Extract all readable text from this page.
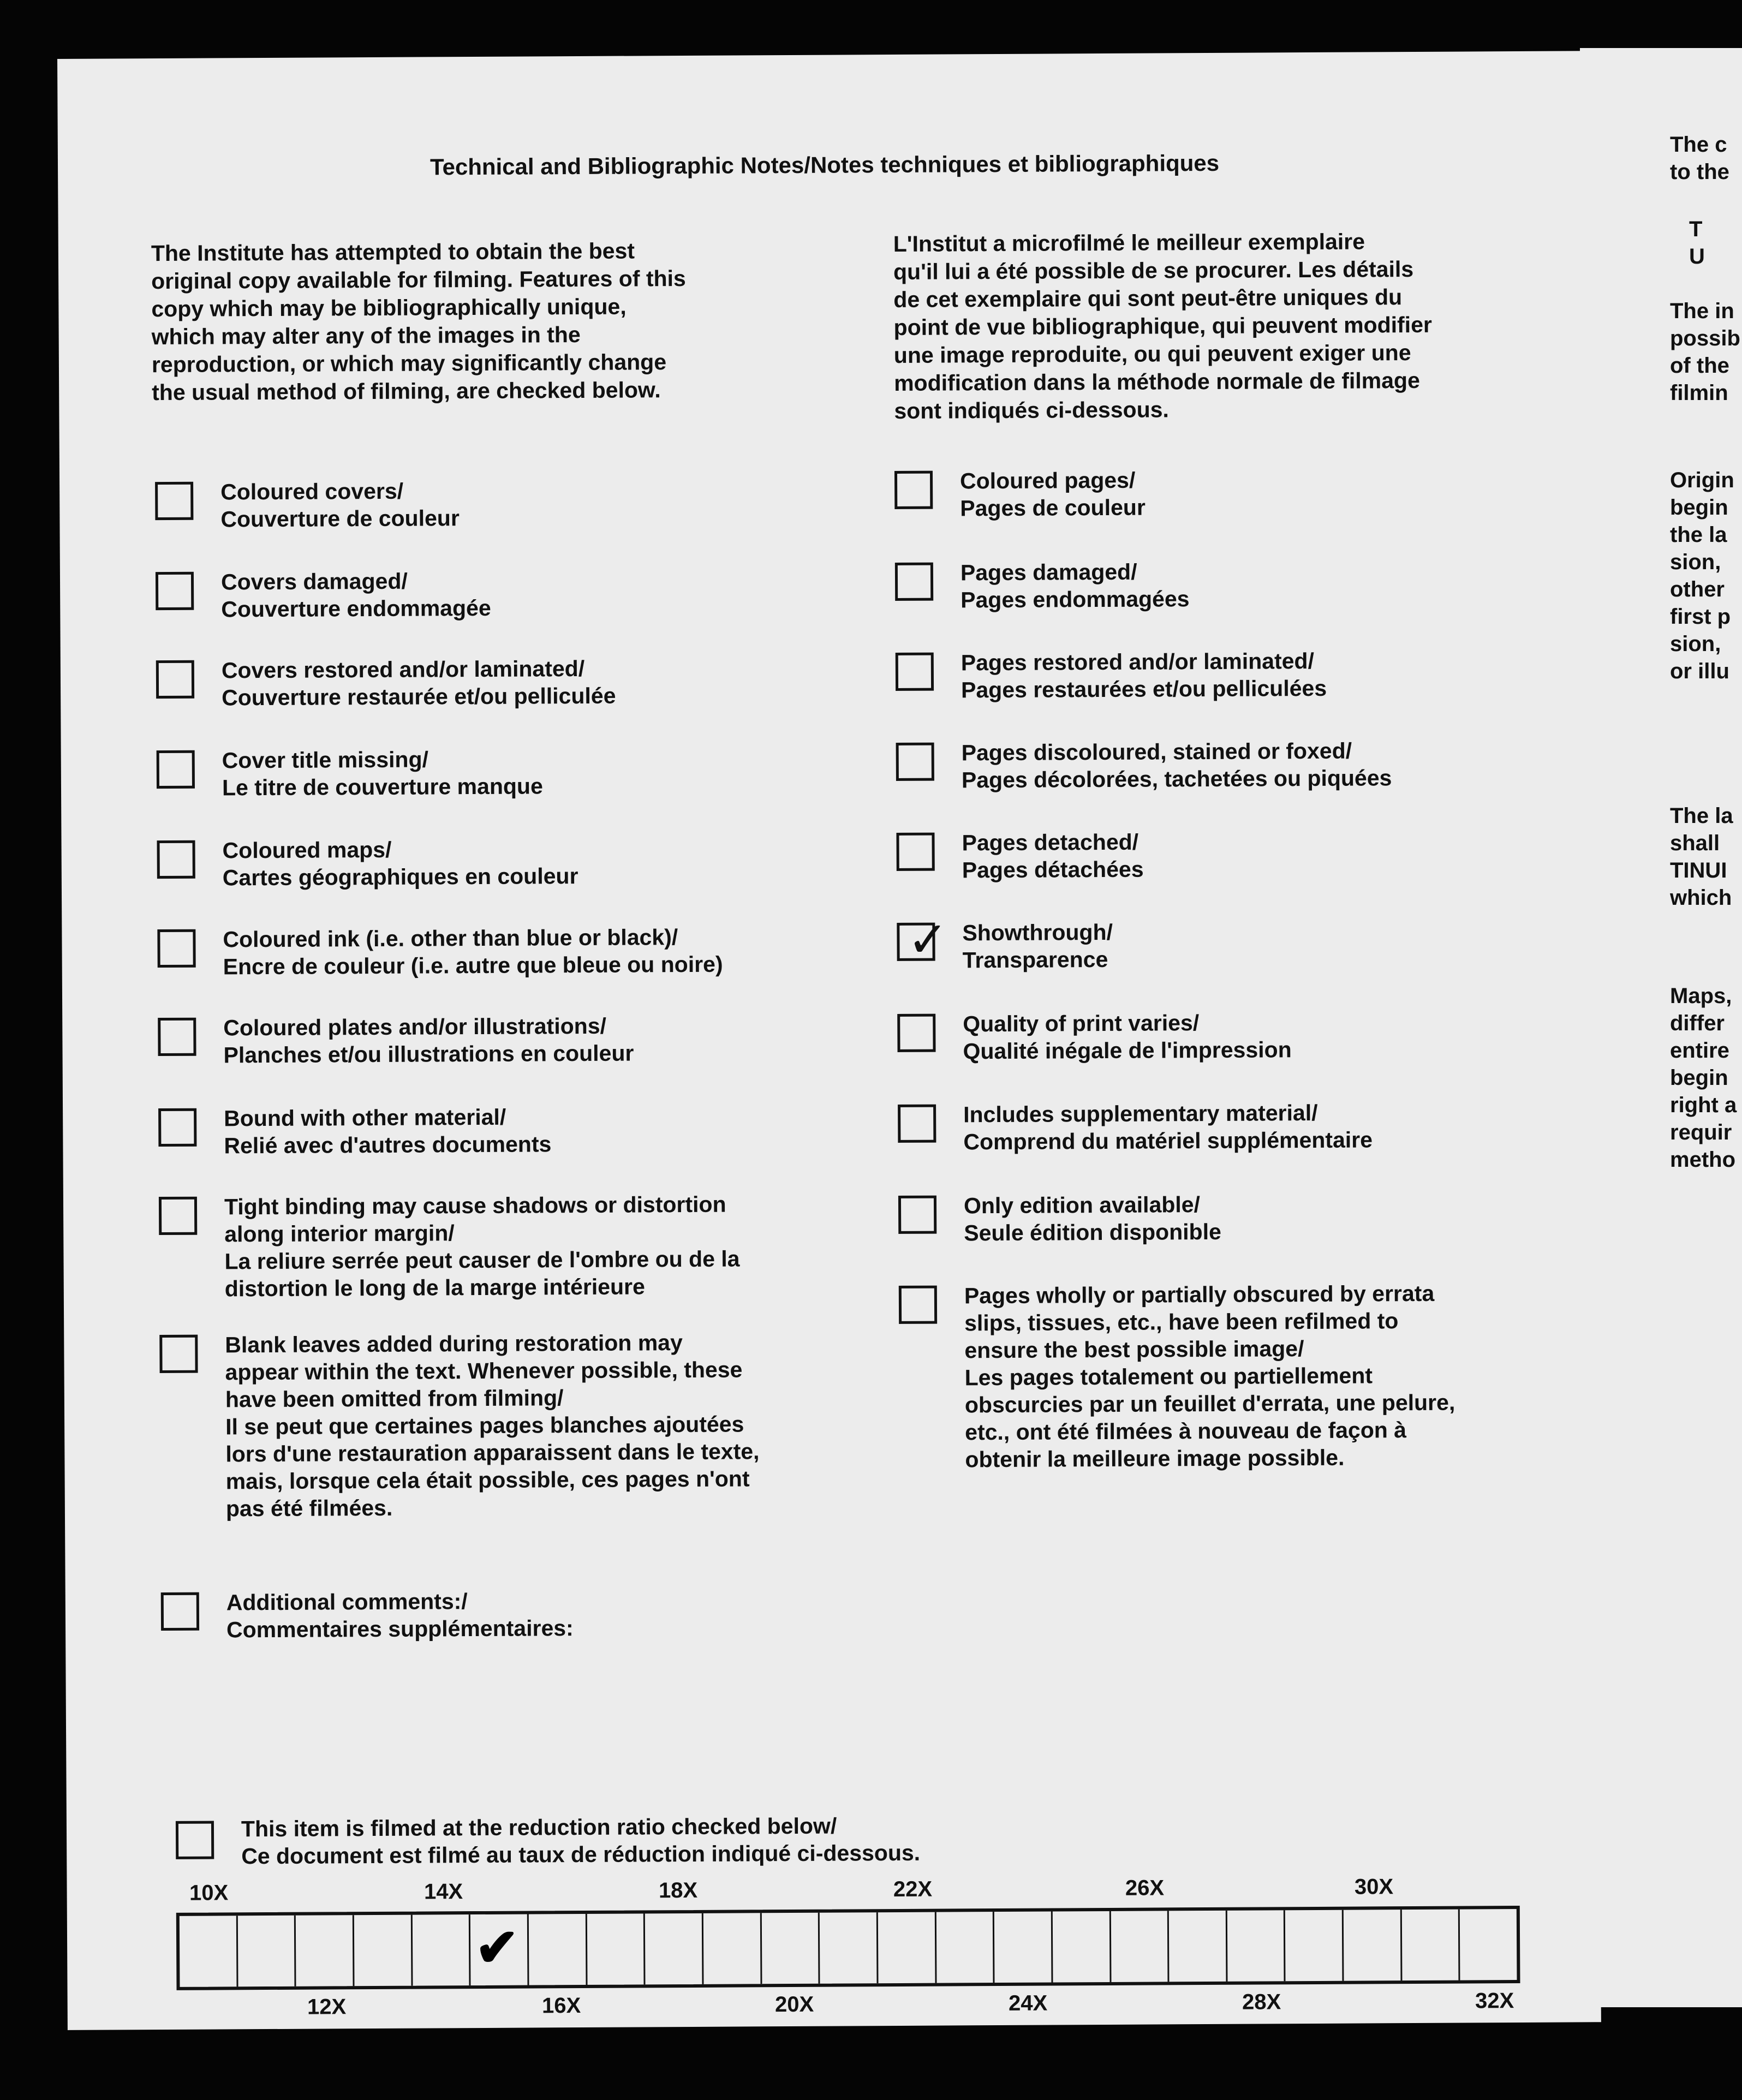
Technical and Bibliographic Notes/Notes techniques et bibliographiques
The Institute has attempted to obtain the best
original copy available for filming. Features of this
copy which may be bibliographically unique,
which may alter any of the images in the
reproduction, or which may significantly change
the usual method of filming, are checked below.
L'Institut a microfilmé le meilleur exemplaire
qu'il lui a été possible de se procurer. Les détails
de cet exemplaire qui sont peut-être uniques du
point de vue bibliographique, qui peuvent modifier
une image reproduite, ou qui peuvent exiger une
modification dans la méthode normale de filmage
sont indiqués ci-dessous.
Coloured covers/
Couverture de couleur
Covers damaged/
Couverture endommagée
Covers restored and/or laminated/
Couverture restaurée et/ou pelliculée
Cover title missing/
Le titre de couverture manque
Coloured maps/
Cartes géographiques en couleur
Coloured ink (i.e. other than blue or black)/
Encre de couleur (i.e. autre que bleue ou noire)
Coloured plates and/or illustrations/
Planches et/ou illustrations en couleur
Bound with other material/
Relié avec d'autres documents
Tight binding may cause shadows or distortion
along interior margin/
La reliure serrée peut causer de l'ombre ou de la
distortion le long de la marge intérieure
Blank leaves added during restoration may
appear within the text. Whenever possible, these
have been omitted from filming/
Il se peut que certaines pages blanches ajoutées
lors d'une restauration apparaissent dans le texte,
mais, lorsque cela était possible, ces pages n'ont
pas été filmées.
Additional comments:/
Commentaires supplémentaires:
Coloured pages/
Pages de couleur
Pages damaged/
Pages endommagées
Pages restored and/or laminated/
Pages restaurées et/ou pelliculées
Pages discoloured, stained or foxed/
Pages décolorées, tachetées ou piquées
Pages detached/
Pages détachées
✓ Showthrough/
Transparence
Quality of print varies/
Qualité inégale de l'impression
Includes supplementary material/
Comprend du matériel supplémentaire
Only edition available/
Seule édition disponible
Pages wholly or partially obscured by errata
slips, tissues, etc., have been refilmed to
ensure the best possible image/
Les pages totalement ou partiellement
obscurcies par un feuillet d'errata, une pelure,
etc., ont été filmées à nouveau de façon à
obtenir la meilleure image possible.
This item is filmed at the reduction ratio checked below/
Ce document est filmé au taux de réduction indiqué ci-dessous.
10X	14X	18X	22X	26X	30X
✔
12X	16X	20X	24X	28X	32X
The c
to the
T
U
The in
possib
of the
filmin
Origin
begin
the la
sion,
other
first p
sion,
or illu
The la
shall
TINUI
which
Maps,
differ
entire
begin
right a
requir
metho
